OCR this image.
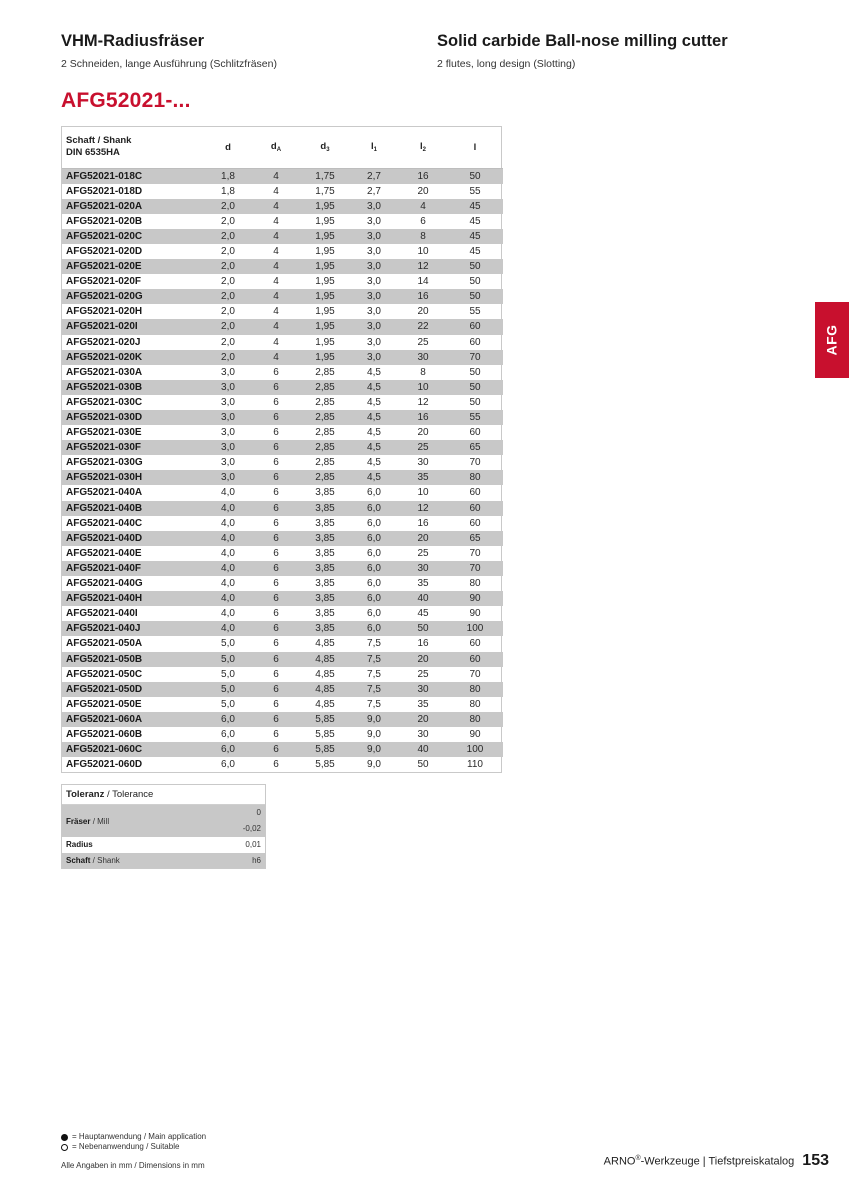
VHM-Radiusfräser	Solid carbide Ball-nose milling cutter
2 Schneiden, lange Ausführung (Schlitzfräsen)	2 flutes, long design (Slotting)
AFG52021-...
Schaft / Shank
DIN 6535HA	d	$d_A$	$d_3$	$l_1$	$l_2$	l
AFG52021-018C	1,8	4	1,75	2,7	16	50
AFG52021-018D	1,8	4	1,75	2,7	20	55
AFG52021-020A	2,0	4	1,95	3,0	4	45
AFG52021-020B	2,0	4	1,95	3,0	6	45
AFG52021-020C	2,0	4	1,95	3,0	8	45
AFG52021-020D	2,0	4	1,95	3,0	10	45
AFG52021-020E	2,0	4	1,95	3,0	12	50
AFG52021-020F	2,0	4	1,95	3,0	14	50
AFG52021-020G	2,0	4	1,95	3,0	16	50
AFG52021-020H	2,0	4	1,95	3,0	20	55
AFG52021-020I	2,0	4	1,95	3,0	22	60
AFG52021-020J	2,0	4	1,95	3,0	25	60
AFG52021-020K	2,0	4	1,95	3,0	30	70
AFG52021-030A	3,0	6	2,85	4,5	8	50
AFG52021-030B	3,0	6	2,85	4,5	10	50
AFG52021-030C	3,0	6	2,85	4,5	12	50
AFG52021-030D	3,0	6	2,85	4,5	16	55
AFG52021-030E	3,0	6	2,85	4,5	20	60
AFG52021-030F	3,0	6	2,85	4,5	25	65
AFG52021-030G	3,0	6	2,85	4,5	30	70
AFG52021-030H	3,0	6	2,85	4,5	35	80
AFG52021-040A	4,0	6	3,85	6,0	10	60
AFG52021-040B	4,0	6	3,85	6,0	12	60
AFG52021-040C	4,0	6	3,85	6,0	16	60
AFG52021-040D	4,0	6	3,85	6,0	20	65
AFG52021-040E	4,0	6	3,85	6,0	25	70
AFG52021-040F	4,0	6	3,85	6,0	30	70
AFG52021-040G	4,0	6	3,85	6,0	35	80
AFG52021-040H	4,0	6	3,85	6,0	40	90
AFG52021-040I	4,0	6	3,85	6,0	45	90
AFG52021-040J	4,0	6	3,85	6,0	50	100
AFG52021-050A	5,0	6	4,85	7,5	16	60
AFG52021-050B	5,0	6	4,85	7,5	20	60
AFG52021-050C	5,0	6	4,85	7,5	25	70
AFG52021-050D	5,0	6	4,85	7,5	30	80
AFG52021-050E	5,0	6	4,85	7,5	35	80
AFG52021-060A	6,0	6	5,85	9,0	20	80
AFG52021-060B	6,0	6	5,85	9,0	30	90
AFG52021-060C	6,0	6	5,85	9,0	40	100
AFG52021-060D	6,0	6	5,85	9,0	50	110
Toleranz / Tolerance
Fräser / Mill
0
-0,02
Radius	0,01
Schaft / Shank	h6
AFG
= Hauptanwendung / Main application
= Nebenanwendung / Suitable
Alle Angaben in mm / Dimensions in mm	ARNO®-Werkzeuge | Tiefstpreiskatalog 153
